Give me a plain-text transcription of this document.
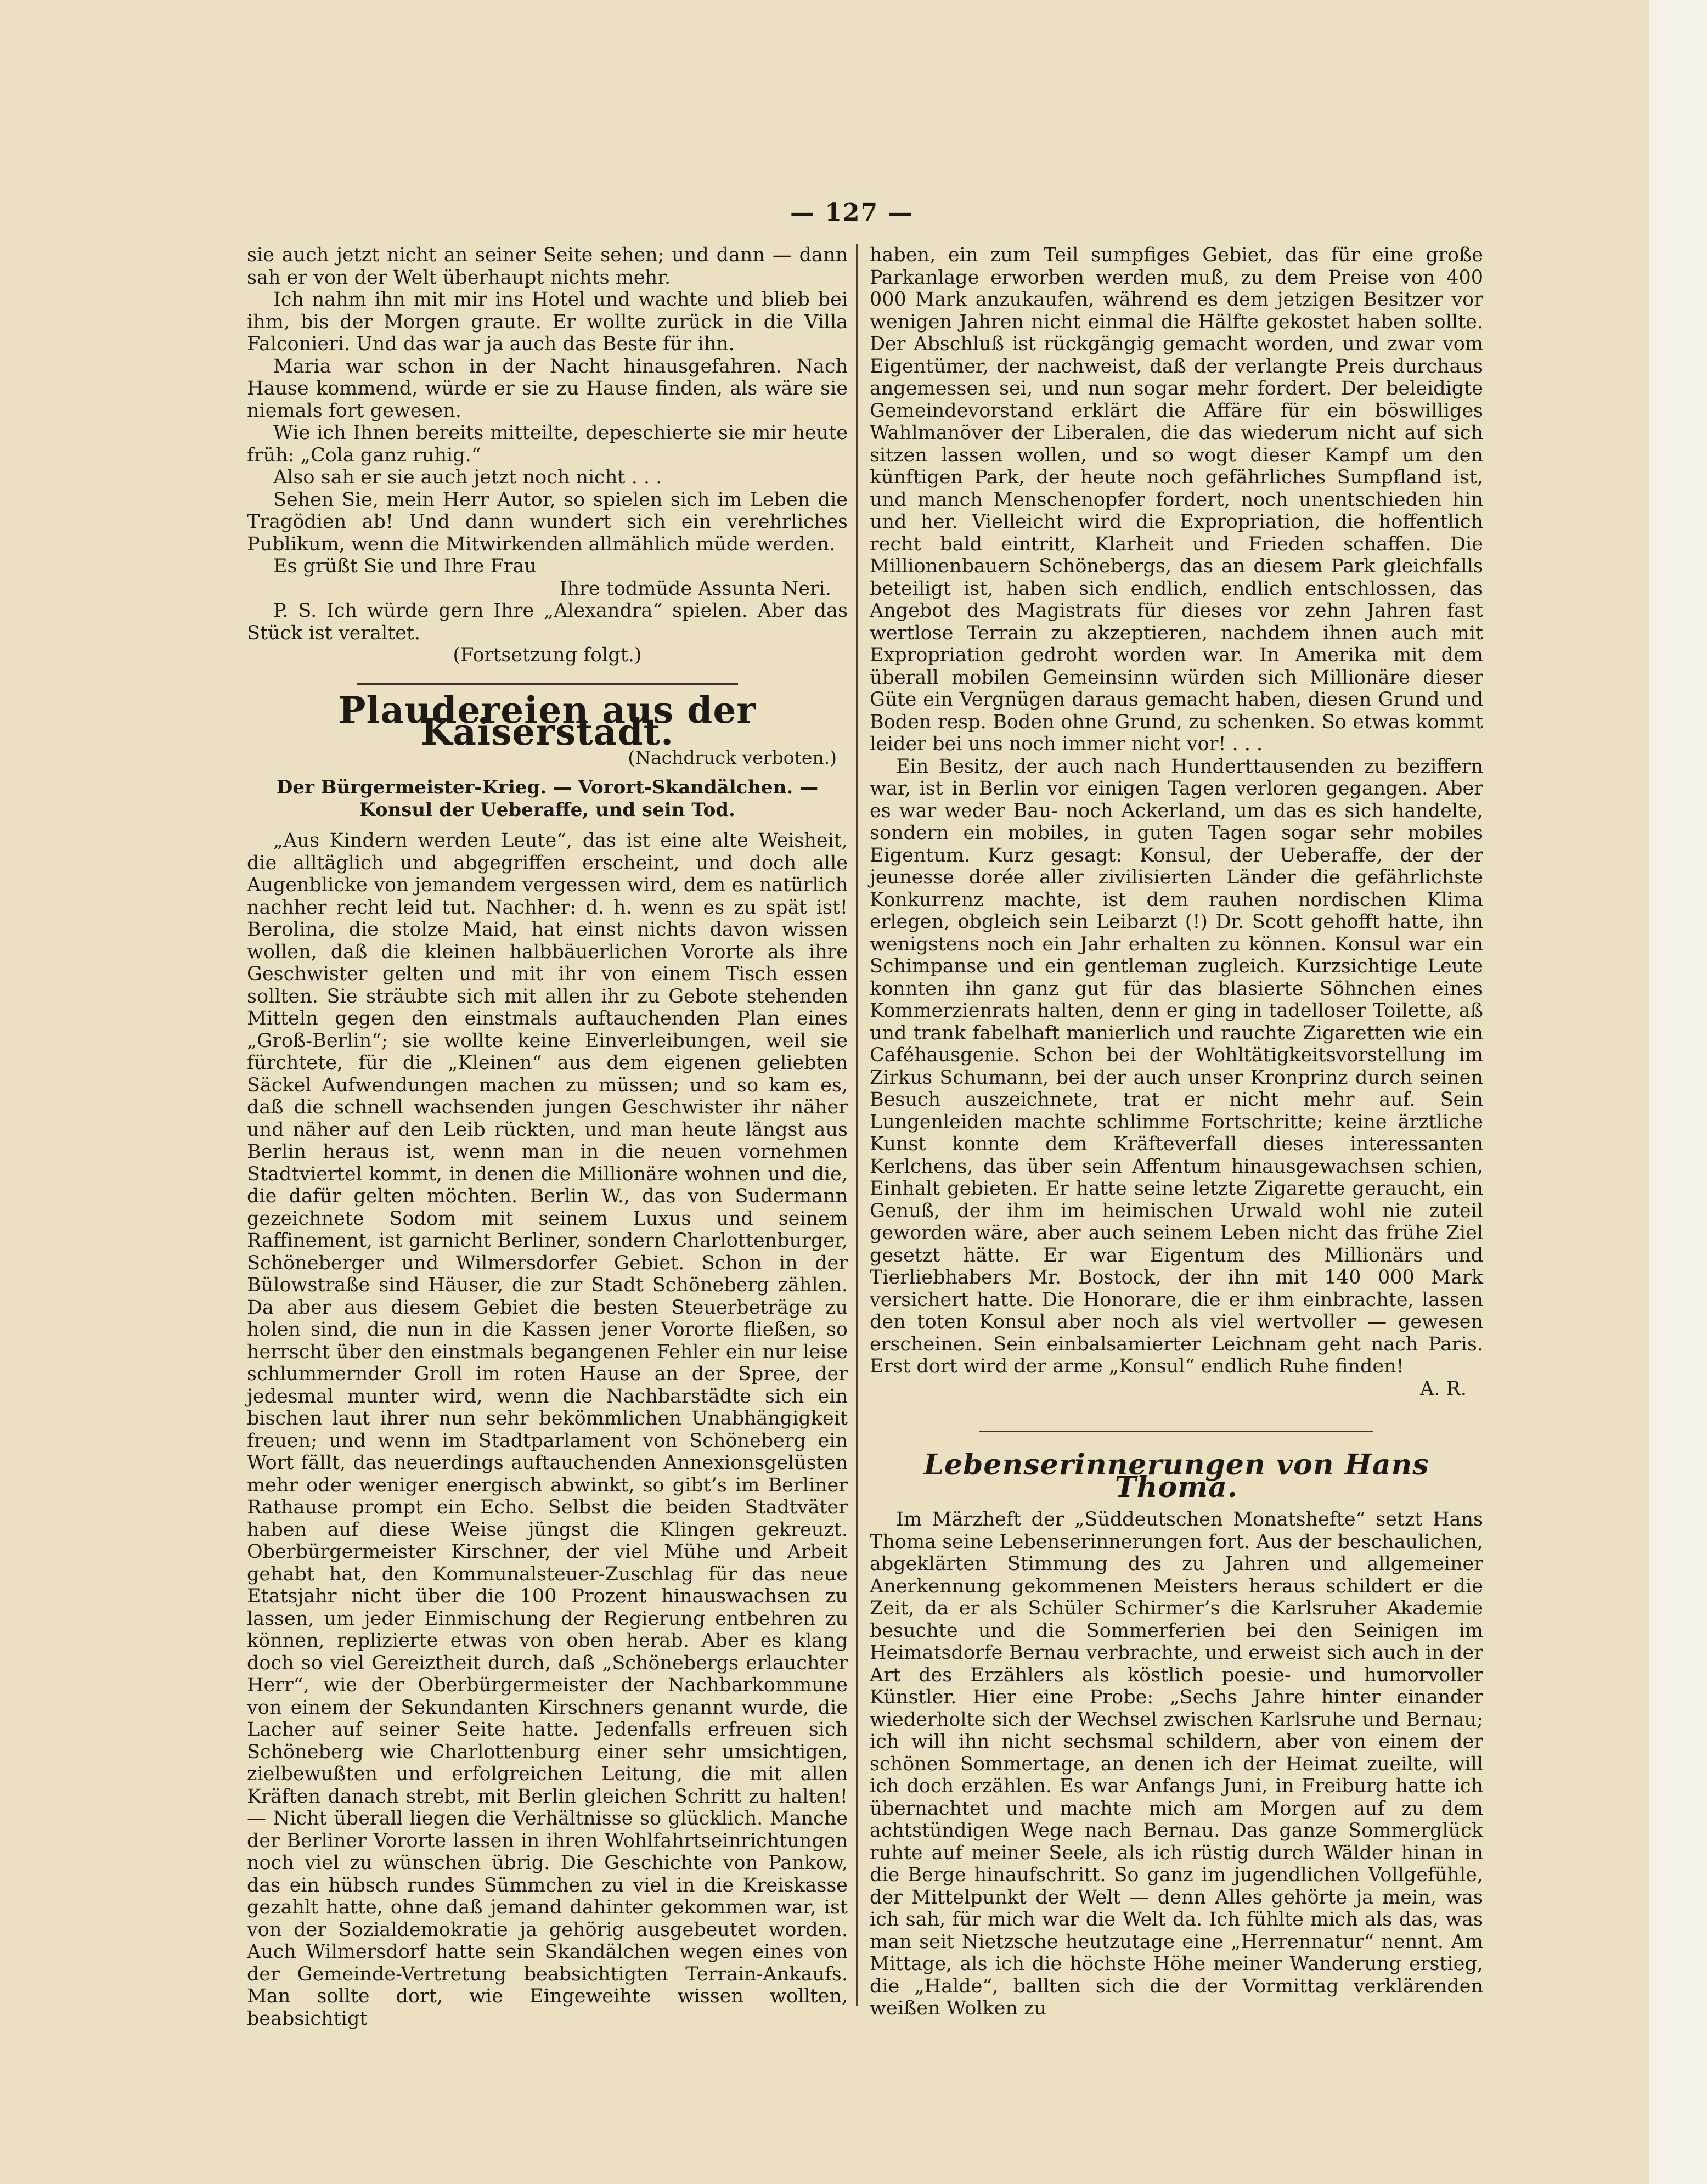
— 127 —

sie auch jetzt nicht an seiner Seite sehen; und dann — dann sah er von der Welt überhaupt nichts mehr.

Ich nahm ihn mit mir ins Hotel und wachte und blieb bei ihm, bis der Morgen graute. Er wollte zurück in die Villa Falconieri. Und das war ja auch das Beste für ihn.

Maria war schon in der Nacht hinausgefahren. Nach Hause kommend, würde er sie zu Hause finden, als wäre sie niemals fort gewesen.

Wie ich Ihnen bereits mitteilte, depeschierte sie mir heute früh: „Cola ganz ruhig.“

Also sah er sie auch jetzt noch nicht . . .

Sehen Sie, mein Herr Autor, so spielen sich im Leben die Tragödien ab! Und dann wundert sich ein verehrliches Publikum, wenn die Mitwirkenden allmählich müde werden.

Es grüßt Sie und Ihre Frau

Ihre todmüde Assunta Neri.

P. S. Ich würde gern Ihre „Alexandra“ spielen. Aber das Stück ist veraltet.

(Fortsetzung folgt.)

Plaudereien aus der Kaiserstadt.
(Nachdruck verboten.)
Der Bürgermeister-Krieg. — Vorort-Skandälchen. — Konsul der Ueberaffe, und sein Tod.

„Aus Kindern werden Leute“, das ist eine alte Weisheit, die alltäglich und abgegriffen erscheint, und doch alle Augenblicke von jemandem vergessen wird, dem es natürlich nachher recht leid tut. Nachher: d. h. wenn es zu spät ist! Berolina, die stolze Maid, hat einst nichts davon wissen wollen, daß die kleinen halbbäuerlichen Vororte als ihre Geschwister gelten und mit ihr von einem Tisch essen sollten. Sie sträubte sich mit allen ihr zu Gebote stehenden Mitteln gegen den einstmals auftauchenden Plan eines „Groß-Berlin“; sie wollte keine Einverleibungen, weil sie fürchtete, für die „Kleinen“ aus dem eigenen geliebten Säckel Aufwendungen machen zu müssen; und so kam es, daß die schnell wachsenden jungen Geschwister ihr näher und näher auf den Leib rückten, und man heute längst aus Berlin heraus ist, wenn man in die neuen vornehmen Stadtviertel kommt, in denen die Millionäre wohnen und die, die dafür gelten möchten. Berlin W., das von Sudermann gezeichnete Sodom mit seinem Luxus und seinem Raffinement, ist garnicht Berliner, sondern Charlottenburger, Schöneberger und Wilmersdorfer Gebiet. Schon in der Bülowstraße sind Häuser, die zur Stadt Schöneberg zählen. Da aber aus diesem Gebiet die besten Steuerbeträge zu holen sind, die nun in die Kassen jener Vororte fließen, so herrscht über den einstmals begangenen Fehler ein nur leise schlummernder Groll im roten Hause an der Spree, der jedesmal munter wird, wenn die Nachbarstädte sich ein bischen laut ihrer nun sehr bekömmlichen Unabhängigkeit freuen; und wenn im Stadtparlament von Schöneberg ein Wort fällt, das neuerdings auftauchenden Annexionsgelüsten mehr oder weniger energisch abwinkt, so gibt’s im Berliner Rathause prompt ein Echo. Selbst die beiden Stadtväter haben auf diese Weise jüngst die Klingen gekreuzt. Oberbürgermeister Kirschner, der viel Mühe und Arbeit gehabt hat, den Kommunalsteuer-Zuschlag für das neue Etatsjahr nicht über die 100 Prozent hinauswachsen zu lassen, um jeder Einmischung der Regierung entbehren zu können, replizierte etwas von oben herab. Aber es klang doch so viel Gereiztheit durch, daß „Schönebergs erlauchter Herr“, wie der Oberbürgermeister der Nachbarkommune von einem der Sekundanten Kirschners genannt wurde, die Lacher auf seiner Seite hatte. Jedenfalls erfreuen sich Schöneberg wie Charlottenburg einer sehr umsichtigen, zielbewußten und erfolgreichen Leitung, die mit allen Kräften danach strebt, mit Berlin gleichen Schritt zu halten! — Nicht überall liegen die Verhältnisse so glücklich. Manche der Berliner Vororte lassen in ihren Wohlfahrtseinrichtungen noch viel zu wünschen übrig. Die Geschichte von Pankow, das ein hübsch rundes Sümmchen zu viel in die Kreiskasse gezahlt hatte, ohne daß jemand dahinter gekommen war, ist von der Sozialdemokratie ja gehörig ausgebeutet worden. Auch Wilmersdorf hatte sein Skandälchen wegen eines von der Gemeinde-Vertretung beabsichtigten Terrain-Ankaufs. Man sollte dort, wie Eingeweihte wissen wollten, beabsichtigt

haben, ein zum Teil sumpfiges Gebiet, das für eine große Parkanlage erworben werden muß, zu dem Preise von 400 000 Mark anzukaufen, während es dem jetzigen Besitzer vor wenigen Jahren nicht einmal die Hälfte gekostet haben sollte. Der Abschluß ist rückgängig gemacht worden, und zwar vom Eigentümer, der nachweist, daß der verlangte Preis durchaus angemessen sei, und nun sogar mehr fordert. Der beleidigte Gemeindevorstand erklärt die Affäre für ein böswilliges Wahlmanöver der Liberalen, die das wiederum nicht auf sich sitzen lassen wollen, und so wogt dieser Kampf um den künftigen Park, der heute noch gefährliches Sumpfland ist, und manch Menschenopfer fordert, noch unentschieden hin und her. Vielleicht wird die Expropriation, die hoffentlich recht bald eintritt, Klarheit und Frieden schaffen. Die Millionenbauern Schönebergs, das an diesem Park gleichfalls beteiligt ist, haben sich endlich, endlich entschlossen, das Angebot des Magistrats für dieses vor zehn Jahren fast wertlose Terrain zu akzeptieren, nachdem ihnen auch mit Expropriation gedroht worden war. In Amerika mit dem überall mobilen Gemeinsinn würden sich Millionäre dieser Güte ein Vergnügen daraus gemacht haben, diesen Grund und Boden resp. Boden ohne Grund, zu schenken. So etwas kommt leider bei uns noch immer nicht vor! . . .

Ein Besitz, der auch nach Hunderttausenden zu beziffern war, ist in Berlin vor einigen Tagen verloren gegangen. Aber es war weder Bau- noch Ackerland, um das es sich handelte, sondern ein mobiles, in guten Tagen sogar sehr mobiles Eigentum. Kurz gesagt: Konsul, der Ueberaffe, der der jeunesse dorée aller zivilisierten Länder die gefährlichste Konkurrenz machte, ist dem rauhen nordischen Klima erlegen, obgleich sein Leibarzt (!) Dr. Scott gehofft hatte, ihn wenigstens noch ein Jahr erhalten zu können. Konsul war ein Schimpanse und ein gentleman zugleich. Kurzsichtige Leute konnten ihn ganz gut für das blasierte Söhnchen eines Kommerzienrats halten, denn er ging in tadelloser Toilette, aß und trank fabelhaft manierlich und rauchte Zigaretten wie ein Caféhausgenie. Schon bei der Wohltätigkeitsvorstellung im Zirkus Schumann, bei der auch unser Kronprinz durch seinen Besuch auszeichnete, trat er nicht mehr auf. Sein Lungenleiden machte schlimme Fortschritte; keine ärztliche Kunst konnte dem Kräfteverfall dieses interessanten Kerlchens, das über sein Affentum hinausgewachsen schien, Einhalt gebieten. Er hatte seine letzte Zigarette geraucht, ein Genuß, der ihm im heimischen Urwald wohl nie zuteil geworden wäre, aber auch seinem Leben nicht das frühe Ziel gesetzt hätte. Er war Eigentum des Millionärs und Tierliebhabers Mr. Bostock, der ihn mit 140 000 Mark versichert hatte. Die Honorare, die er ihm einbrachte, lassen den toten Konsul aber noch als viel wertvoller — gewesen erscheinen. Sein einbalsamierter Leichnam geht nach Paris. Erst dort wird der arme „Konsul“ endlich Ruhe finden!

A. R.

Lebenserinnerungen von Hans Thoma.

Im Märzheft der „Süddeutschen Monatshefte“ setzt Hans Thoma seine Lebenserinnerungen fort. Aus der beschaulichen, abgeklärten Stimmung des zu Jahren und allgemeiner Anerkennung gekommenen Meisters heraus schildert er die Zeit, da er als Schüler Schirmer’s die Karlsruher Akademie besuchte und die Sommerferien bei den Seinigen im Heimatsdorfe Bernau verbrachte, und erweist sich auch in der Art des Erzählers als köstlich poesie- und humorvoller Künstler. Hier eine Probe: „Sechs Jahre hinter einander wiederholte sich der Wechsel zwischen Karlsruhe und Bernau; ich will ihn nicht sechsmal schildern, aber von einem der schönen Sommertage, an denen ich der Heimat zueilte, will ich doch erzählen. Es war Anfangs Juni, in Freiburg hatte ich übernachtet und machte mich am Morgen auf zu dem achtstündigen Wege nach Bernau. Das ganze Sommerglück ruhte auf meiner Seele, als ich rüstig durch Wälder hinan in die Berge hinaufschritt. So ganz im jugendlichen Vollgefühle, der Mittelpunkt der Welt — denn Alles gehörte ja mein, was ich sah, für mich war die Welt da. Ich fühlte mich als das, was man seit Nietzsche heutzutage eine „Herrennatur“ nennt. Am Mittage, als ich die höchste Höhe meiner Wanderung erstieg, die „Halde“, ballten sich die der Vormittag verklärenden weißen Wolken zu
